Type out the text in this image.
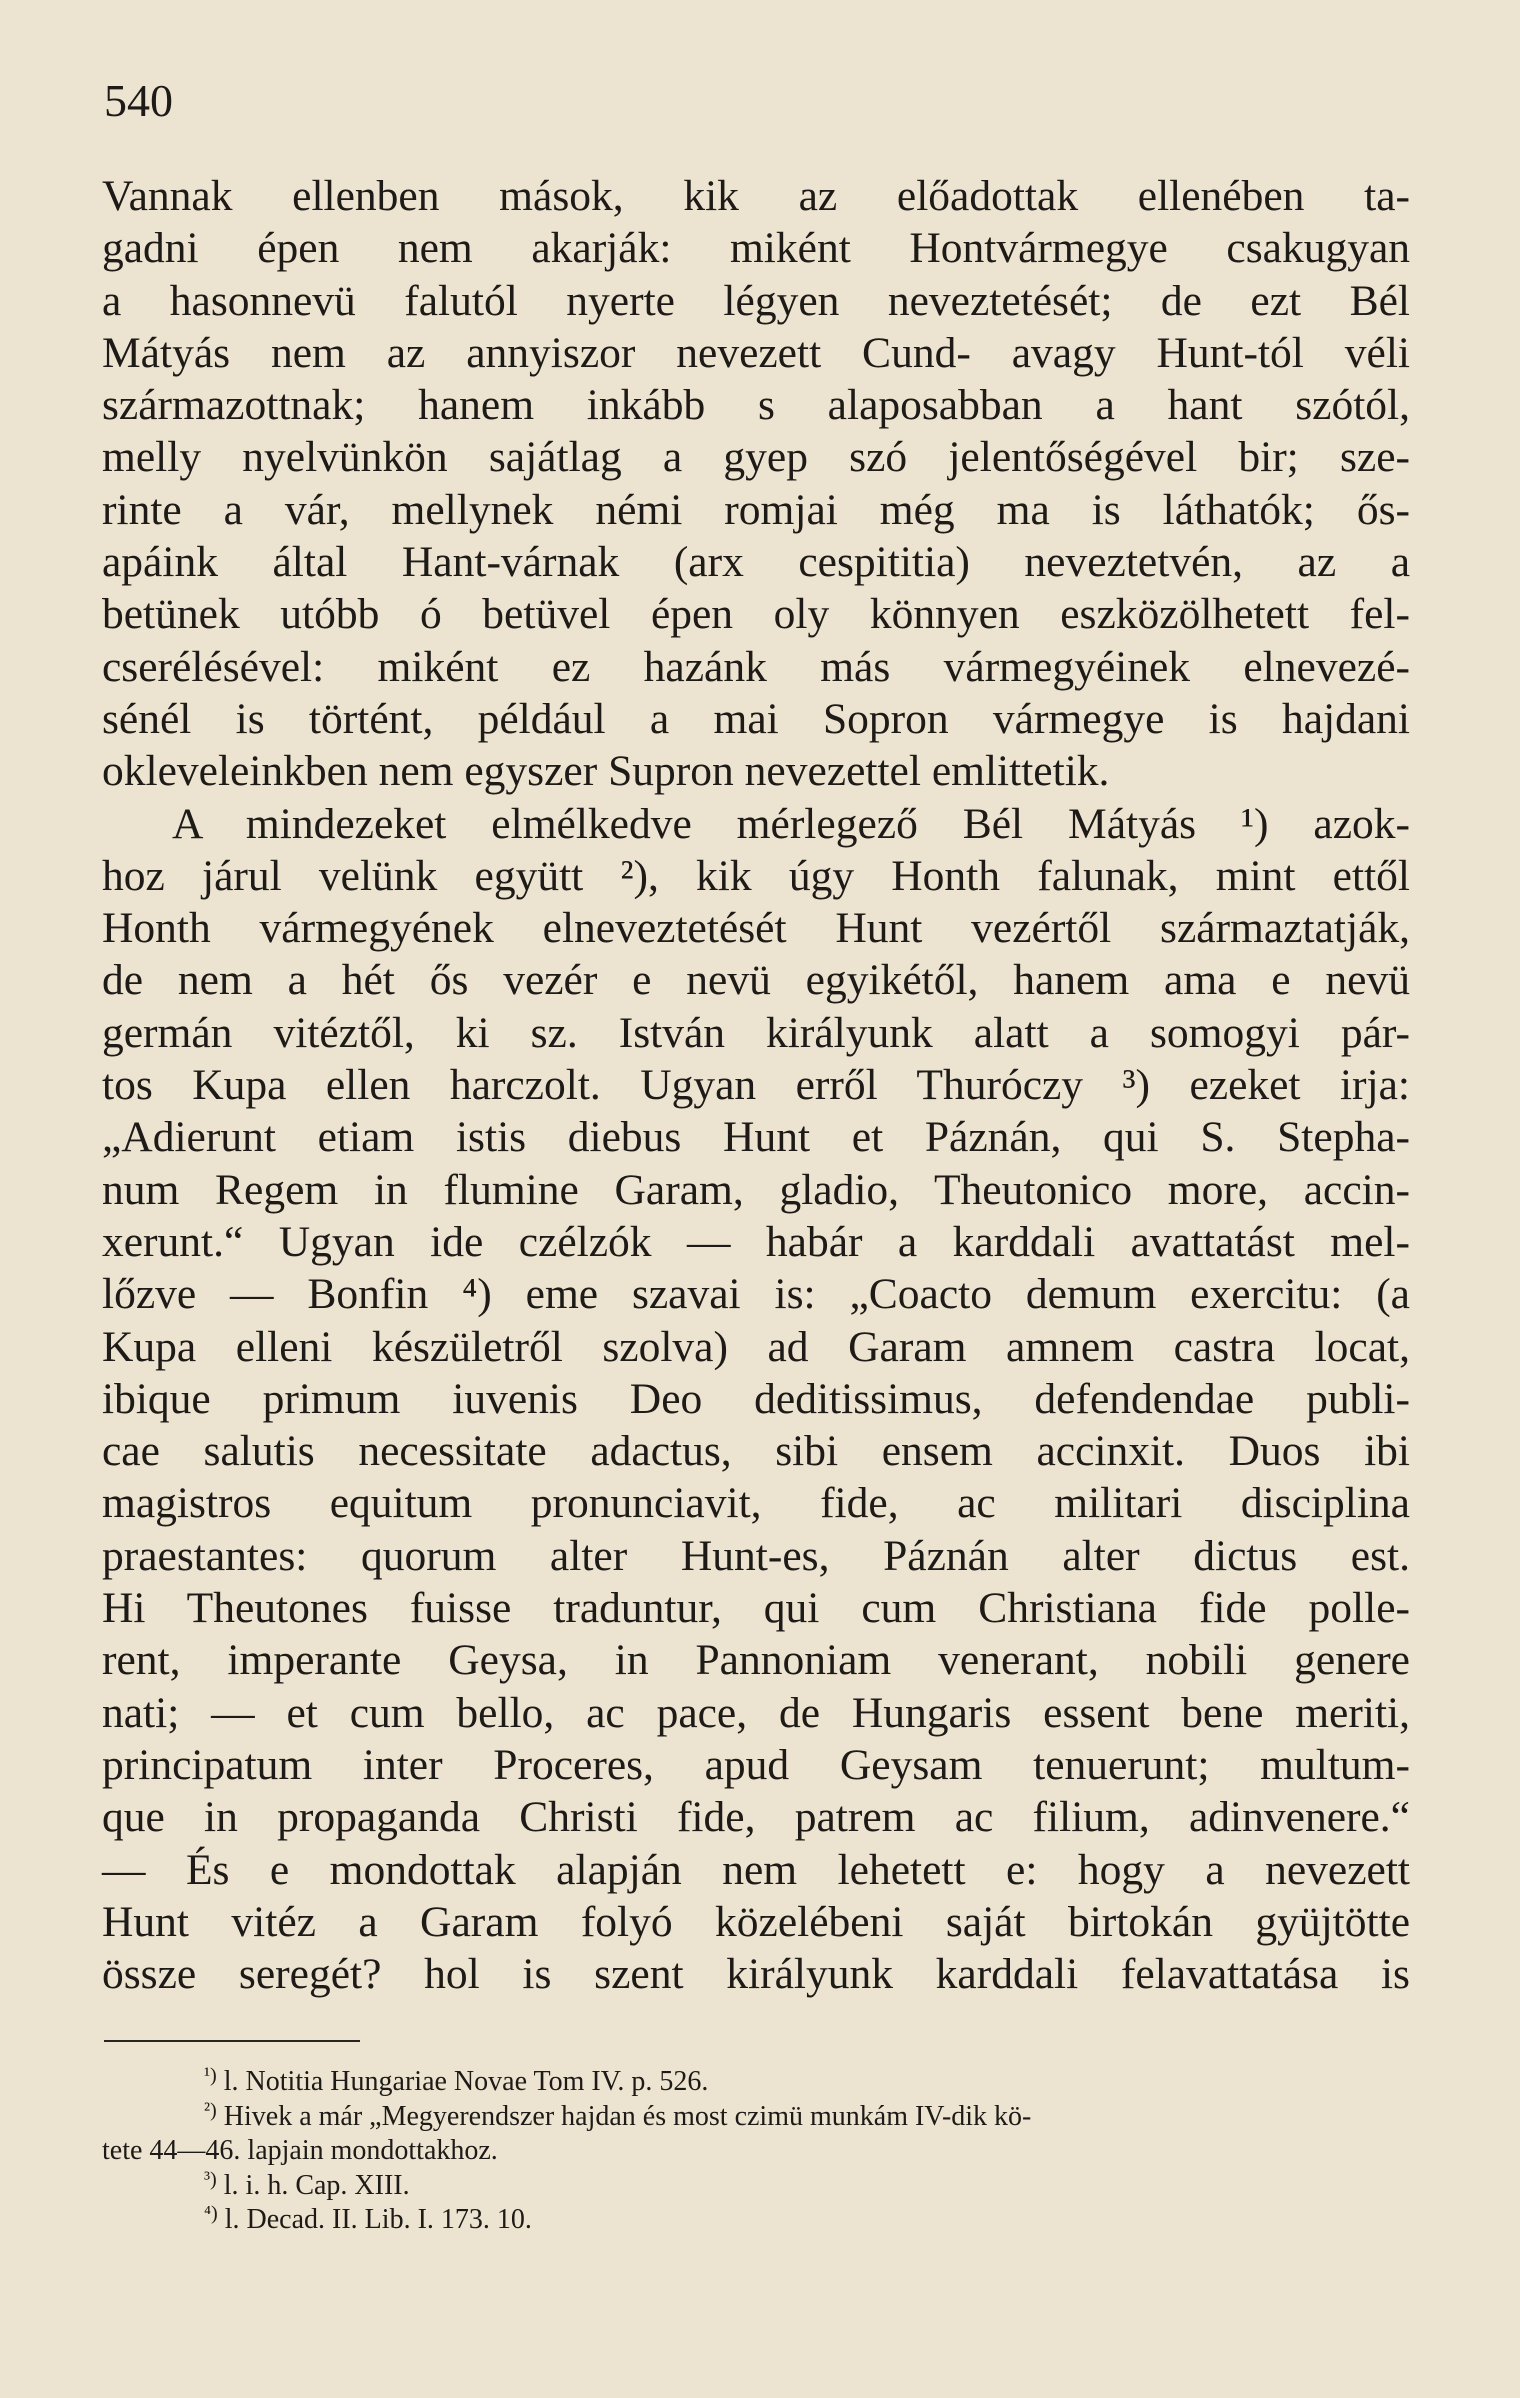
540
Vannak ellenben mások, kik az előadottak ellenében ta-
gadni épen nem akarják: miként Hontvármegye csakugyan
a hasonnevü falutól nyerte légyen neveztetését; de ezt Bél
Mátyás nem az annyiszor nevezett Cund- avagy Hunt-tól véli
származottnak; hanem inkább s alaposabban a hant szótól,
melly nyelvünkön sajátlag a gyep szó jelentőségével bir; sze-
rinte a vár, mellynek némi romjai még ma is láthatók; ős-
apáink által Hant-várnak (arx cespititia) neveztetvén, az a
betünek utóbb ó betüvel épen oly könnyen eszközölhetett fel-
cserélésével: miként ez hazánk más vármegyéinek elnevezé-
sénél is történt, például a mai Sopron vármegye is hajdani
okleveleinkben nem egyszer Supron nevezettel emlittetik.
A mindezeket elmélkedve mérlegező Bél Mátyás ¹) azok-
hoz járul velünk együtt ²), kik úgy Honth falunak, mint ettől
Honth vármegyének elneveztetését Hunt vezértől származtatják,
de nem a hét ős vezér e nevü egyikétől, hanem ama e nevü
germán vitéztől, ki sz. István királyunk alatt a somogyi pár-
tos Kupa ellen harczolt. Ugyan erről Thuróczy ³) ezeket irja:
„Adierunt etiam istis diebus Hunt et Páznán, qui S. Stepha-
num Regem in flumine Garam, gladio, Theutonico more, accin-
xerunt.“ Ugyan ide czélzók — habár a karddali avattatást mel-
lőzve — Bonfin ⁴) eme szavai is: „Coacto demum exercitu: (a
Kupa elleni készületről szolva) ad Garam amnem castra locat,
ibique primum iuvenis Deo deditissimus, defendendae publi-
cae salutis necessitate adactus, sibi ensem accinxit. Duos ibi
magistros equitum pronunciavit, fide, ac militari disciplina
praestantes: quorum alter Hunt-es, Páznán alter dictus est.
Hi Theutones fuisse traduntur, qui cum Christiana fide polle-
rent, imperante Geysa, in Pannoniam venerant, nobili genere
nati; — et cum bello, ac pace, de Hungaris essent bene meriti,
principatum inter Proceres, apud Geysam tenuerunt; multum-
que in propaganda Christi fide, patrem ac filium, adinvenere.“
— És e mondottak alapján nem lehetett e: hogy a nevezett
Hunt vitéz a Garam folyó közelébeni saját birtokán gyüjtötte
össze seregét? hol is szent királyunk karddali felavattatása is
$^{^1)}$ l. Notitia Hungariae Novae Tom IV. p. 526.
$^{^2)}$ Hivek a már „Megyerendszer hajdan és most czimü munkám IV-dik kö-
tete 44—46. lapjain mondottakhoz.
$^{^3)}$ l. i. h. Cap. XIII.
$^{^4)}$ l. Decad. II. Lib. I. 173. 10.
